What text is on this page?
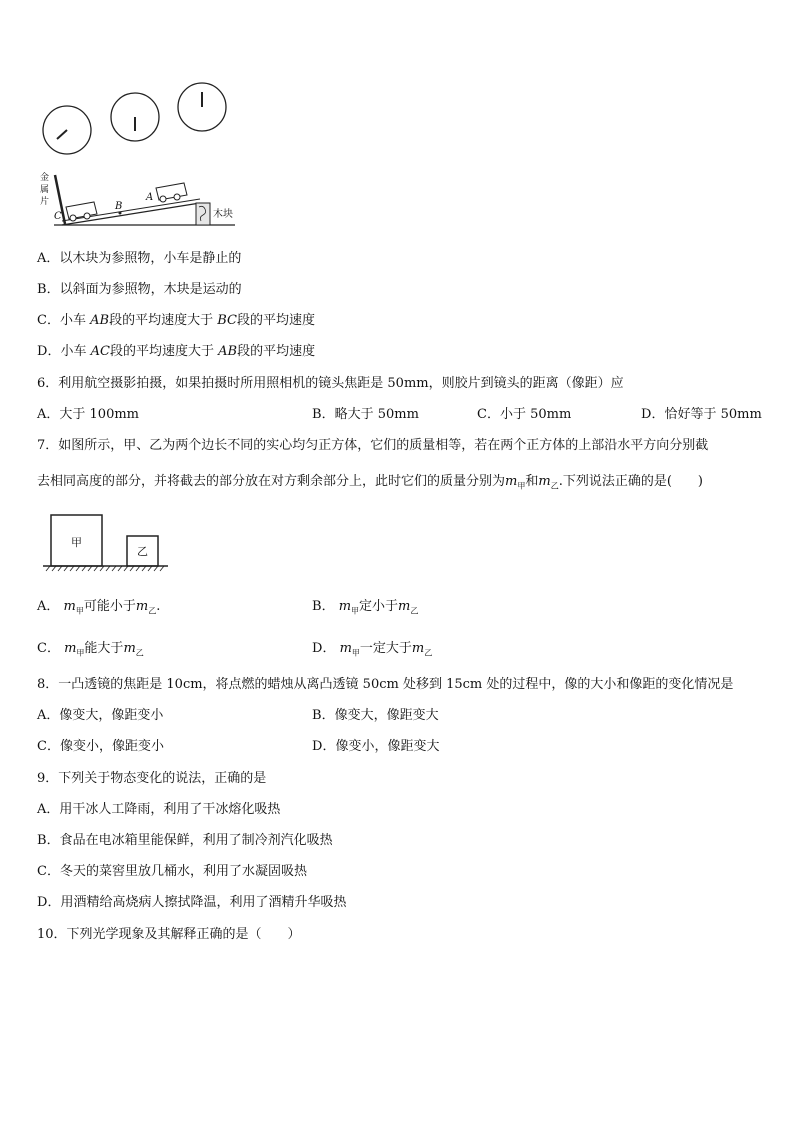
金
属
片
C
B
A
木块
A．以木块为参照物，小车是静止的
B．以斜面为参照物，木块是运动的
C．小车 AB段的平均速度大于 BC段的平均速度
D．小车 AC段的平均速度大于 AB段的平均速度
6．利用航空摄影拍摄，如果拍摄时所用照相机的镜头焦距是 50mm，则胶片到镜头的距离（像距）应
A．大于 100mm	B．略大于 50mm	C．小于 50mm	D．恰好等于 50mm
7．如图所示，甲、乙为两个边长不同的实心均匀正方体，它们的质量相等，若在两个正方体的上部沿水平方向分别截
去相同高度的部分，并将截去的部分放在对方剩余部分上，此时它们的质量分别为$m_甲$和$m_乙$.下列说法正确的是(　　)
甲
乙
A． $m_甲$可能小于$m_乙$.	B． $m_甲$定小于$m_乙$
C． $m_甲$能大于$m_乙$	D． $m_甲$一定大于$m_乙$
8．一凸透镜的焦距是 10cm，将点燃的蜡烛从离凸透镜 50cm 处移到 15cm 处的过程中，像的大小和像距的变化情况是
A．像变大，像距变小	B．像变大，像距变大
C．像变小，像距变小	D．像变小，像距变大
9．下列关于物态变化的说法，正确的是
A．用干冰人工降雨，利用了干冰熔化吸热
B．食品在电冰箱里能保鲜，利用了制冷剂汽化吸热
C．冬天的菜窖里放几桶水，利用了水凝固吸热
D．用酒精给高烧病人擦拭降温，利用了酒精升华吸热
10．下列光学现象及其解释正确的是（　　）
